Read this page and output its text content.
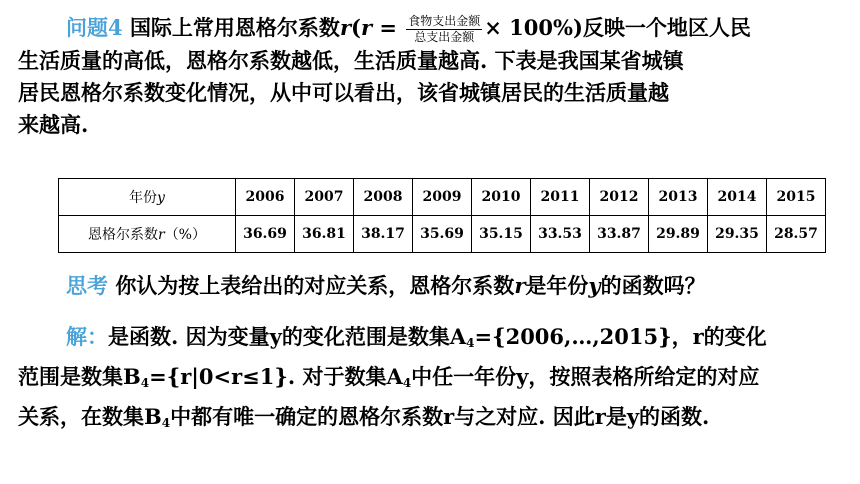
问题4 国际上常用恩格尔系数$r(r = \frac{\text{食物支出金额}}{\text{总支出金额}} \times 100\%)$反映一个地区人民
生活质量的高低，恩格尔系数越低，生活质量越高. 下表是我国某省城镇
居民恩格尔系数变化情况，从中可以看出，该省城镇居民的生活质量越
来越高.
年份y	2006	2007	2008	2009	2010	2011	2012	2013	2014	2015
恩格尔系数r（%）	36.69	36.81	38.17	35.69	35.15	33.53	33.87	29.89	29.35	28.57
思考 你认为按上表给出的对应关系，恩格尔系数r是年份y的函数吗？
解：是函数. 因为变量y的变化范围是数集$A_4=\{2006,\dots,2015\}$，r的变化
范围是数集$B_4=\{r|0<r\le 1\}$. 对于数集$A_4$中任一年份y，按照表格所给定的对应
关系，在数集$B_4$中都有唯一确定的恩格尔系数r与之对应. 因此r是y的函数.
